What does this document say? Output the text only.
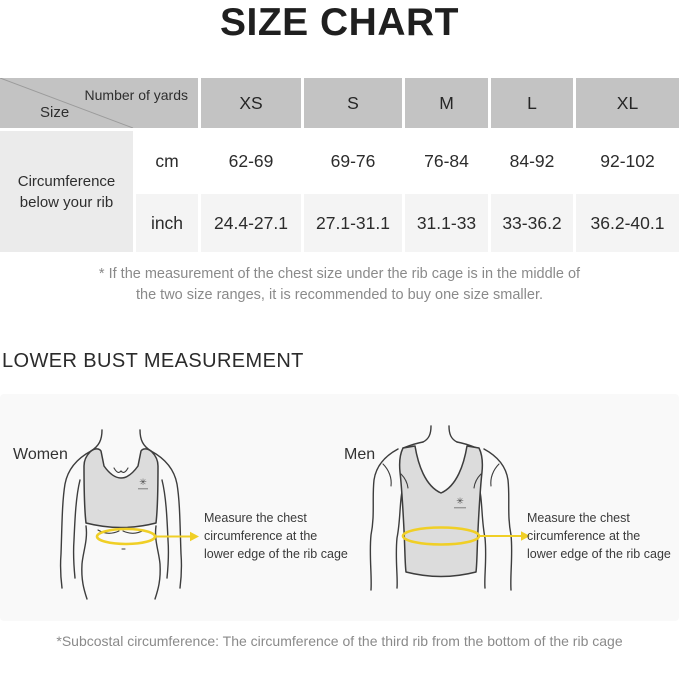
SIZE CHART
Number of yards
Size	XS	S	M	L	XL
Circumference below your rib
cm	62-69	69-76	76-84	84-92	92-102
inch	24.4-27.1	27.1-31.1	31.1-33	33-36.2	36.2-40.1
* If the measurement of the chest size under the rib cage is in the middle of
the two size ranges, it is recommended to buy one size smaller.
LOWER BUST MEASUREMENT
Women	Men
✳
✳
Measure the chest
circumference at the
lower edge of the rib cage
Measure the chest
circumference at the
lower edge of the rib cage
*Subcostal circumference: The circumference of the third rib from the bottom of the rib cage
